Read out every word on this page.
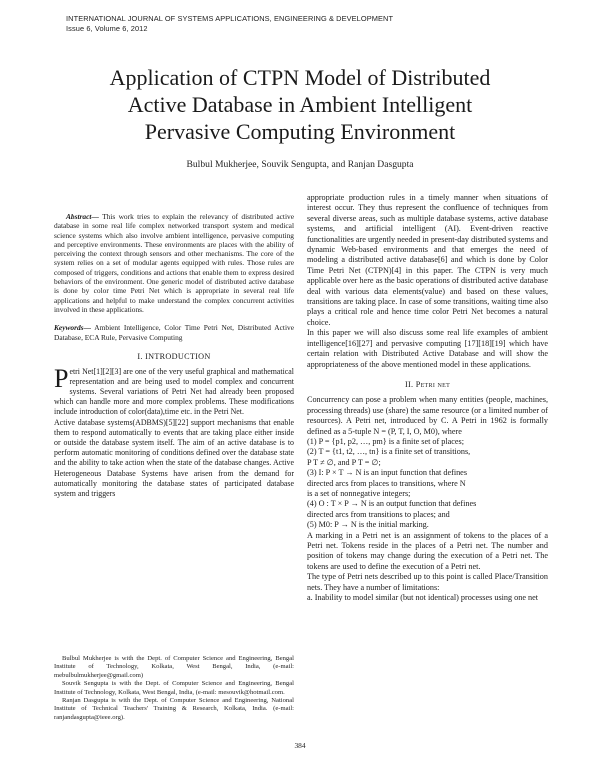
INTERNATIONAL JOURNAL OF SYSTEMS APPLICATIONS, ENGINEERING & DEVELOPMENT
Issue 6, Volume 6, 2012
Application of CTPN Model of Distributed
Active Database in Ambient Intelligent
Pervasive Computing Environment
Bulbul Mukherjee, Souvik Sengupta, and Ranjan Dasgupta

Abstract— This work tries to explain the relevancy of distributed active database in some real life complex networked transport system and medical science systems which also involve ambient intelligence, pervasive computing and perceptive environments. These environments are places with the ability of perceiving the context through sensors and other mechanisms. The core of the system relies on a set of modular agents equipped with rules. Those rules are composed of triggers, conditions and actions that enable them to express desired behaviors of the environment. One generic model of distributed active database is done by color time Petri Net which is appropriate in several real life applications and helpful to make understand the complex concurrent activities involved in these applications.

Keywords— Ambient Intelligence, Color Time Petri Net, Distributed Active Database, ECA Rule, Pervasive Computing

I. INTRODUCTION

Petri Net[1][2][3] are one of the very useful graphical and mathematical representation and are being used to model complex and concurrent systems. Several variations of Petri Net had already been proposed which can handle more and more complex problems. These modifications include introduction of color(data),time etc. in the Petri Net.

Active database systems(ADBMS)[5][22] support mechanisms that enable them to respond automatically to events that are taking place either inside or outside the database system itself. The aim of an active database is to perform automatic monitoring of conditions defined over the database state and the ability to take action when the state of the database changes. Active Heterogeneous Database Systems have arisen from the demand for automatically monitoring the database states of participated database system and triggers

Bulbul Mukherjee is with the Dept. of Computer Science and Engineering, Bengal Institute of Technology, Kolkata, West Bengal, India, (e-mail: mebulbulmukherjee@gmail.com)

Souvik Sengupta is with the Dept. of Computer Science and Engineering, Bengal Institute of Technology, Kolkata, West Bengal, India, (e-mail: mesouvik@hotmail.com.

Ranjan Dasgupta is with the Dept. of Computer Science and Engineering, National Institute of Technical Teachers' Training & Research, Kolkata, India. (e-mail: ranjandasgupta@ieee.org).

appropriate production rules in a timely manner when situations of interest occur. They thus represent the confluence of techniques from several diverse areas, such as multiple database systems, active database systems, and artificial intelligent (AI). Event-driven reactive functionalities are urgently needed in present-day distributed systems and dynamic Web-based environments and that emerges the need of modeling a distributed active database[6] and which is done by Color Time Petri Net (CTPN)[4] in this paper. The CTPN is very much applicable over here as the basic operations of distributed active database deal with various data elements(value) and based on these values, transitions are taking place. In case of some transitions, waiting time also plays a critical role and hence time color Petri Net becomes a natural choice.

In this paper we will also discuss some real life examples of ambient intelligence[16][27] and pervasive computing [17][18][19] which have certain relation with Distributed Active Database and will show the appropriateness of the above mentioned model in these applications.

II. Petri net

Concurrency can pose a problem when many entities (people, machines, processing threads) use (share) the same resource (or a limited number of resources). A Petri net, introduced by C. A Petri in 1962 is formally defined as a 5-tuple N = (P, T, I, O, M0), where

(1) P = {p1, p2, …, pm} is a finite set of places;

(2) T = {t1, t2, …, tn} is a finite set of transitions,

P T ≠ ∅, and P T = ∅;

(3) I: P × T → N is an input function that defines

directed arcs from places to transitions, where N

is a set of nonnegative integers;

(4) O : T × P → N is an output function that defines

directed arcs from transitions to places; and

(5) M0: P → N is the initial marking.

A marking in a Petri net is an assignment of tokens to the places of a Petri net. Tokens reside in the places of a Petri net. The number and position of tokens may change during the execution of a Petri net. The tokens are used to define the execution of a Petri net.

The type of Petri nets described up to this point is called Place/Transition nets. They have a number of limitations:

a. Inability to model similar (but not identical) processes using one net

384
